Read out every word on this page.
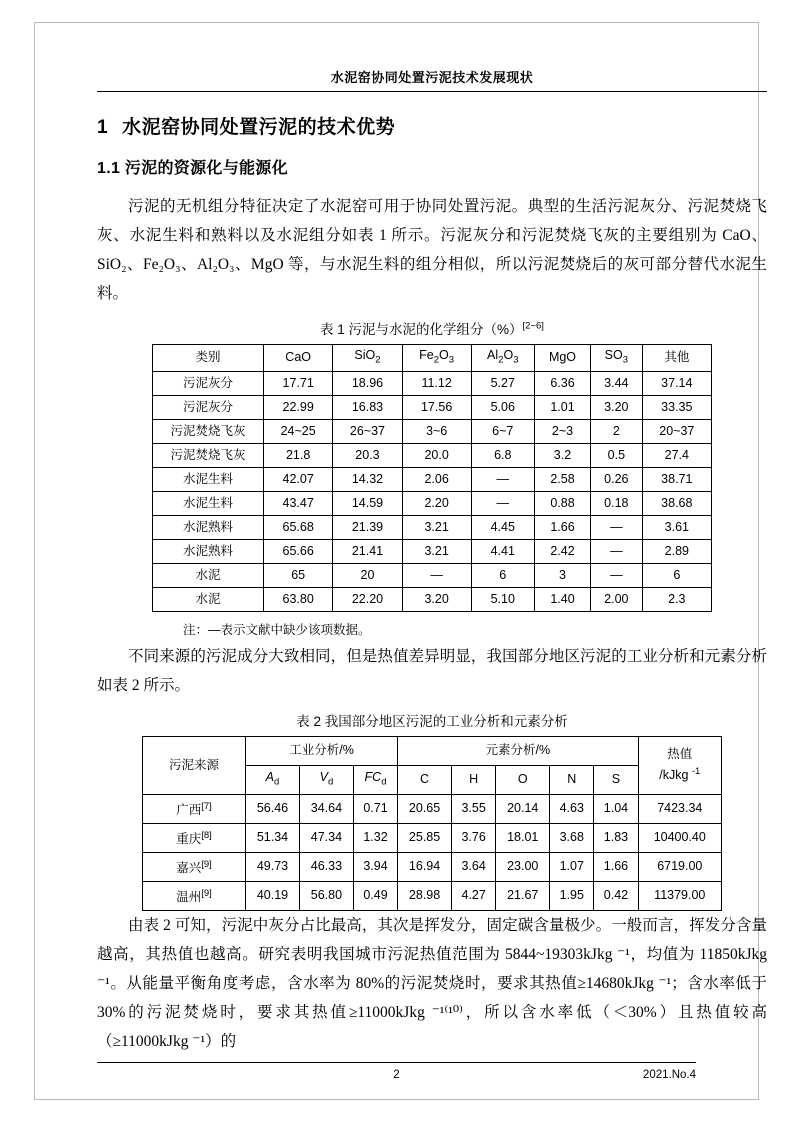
水泥窑协同处置污泥技术发展现状
1 水泥窑协同处置污泥的技术优势
1.1 污泥的资源化与能源化

污泥的无机组分特征决定了水泥窑可用于协同处置污泥。典型的生活污泥灰分、污泥焚烧飞灰、水泥生料和熟料以及水泥组分如表 1 所示。污泥灰分和污泥焚烧飞灰的主要组别为 CaO、SiO₂、Fe₂O₃、Al₂O₃、MgO 等，与水泥生料的组分相似，所以污泥焚烧后的灰可部分替代水泥生料。

表 1 污泥与水泥的化学组分（%）[2~6]
类别	CaO	SiO$_2$	$Fe_2O_3$	$Al_2O_3$	MgO	$SO_3$	其他
污泥灰分	17.71	18.96	11.12	5.27	6.36	3.44	37.14
污泥灰分	22.99	16.83	17.56	5.06	1.01	3.20	33.35
污泥焚烧飞灰	24~25	26~37	3~6	6~7	2~3	2	20~37
污泥焚烧飞灰	21.8	20.3	20.0	6.8	3.2	0.5	27.4
水泥生料	42.07	14.32	2.06	—	2.58	0.26	38.71
水泥生料	43.47	14.59	2.20	—	0.88	0.18	38.68
水泥熟料	65.68	21.39	3.21	4.45	1.66	—	3.61
水泥熟料	65.66	21.41	3.21	4.41	2.42	—	2.89
水泥	65	20	—	6	3	—	6
水泥	63.80	22.20	3.20	5.10	1.40	2.00	2.3
注：—表示文献中缺少该项数据。

不同来源的污泥成分大致相同，但是热值差异明显，我国部分地区污泥的工业分析和元素分析如表 2 所示。

表 2 我国部分地区污泥的工业分析和元素分析
污泥来源	工业分析/%			元素分析/%					热值
/kJkg $^{-1}$
	$A_d$	$V_d$	$FC_d$	C	H	O	N	S	
广西[7]	56.46	34.64	0.71	20.65	3.55	20.14	4.63	1.04	7423.34
重庆[8]	51.34	47.34	1.32	25.85	3.76	18.01	3.68	1.83	10400.40
嘉兴[9]	49.73	46.33	3.94	16.94	3.64	23.00	1.07	1.66	6719.00
温州[9]	40.19	56.80	0.49	28.98	4.27	21.67	1.95	0.42	11379.00

由表 2 可知，污泥中灰分占比最高，其次是挥发分，固定碳含量极少。一般而言，挥发分含量越高，其热值也越高。研究表明我国城市污泥热值范围为 5844~19303kJkg ⁻¹，均值为 11850kJkg ⁻¹。从能量平衡角度考虑，含水率为 80%的污泥焚烧时，要求其热值≥14680kJkg ⁻¹；含水率低于 30%的污泥焚烧时，要求其热值≥11000kJkg ⁻¹⁽¹⁰⁾，所以含水率低（＜30%）且热值较高（≥11000kJkg ⁻¹）的

2	2021.No.4
